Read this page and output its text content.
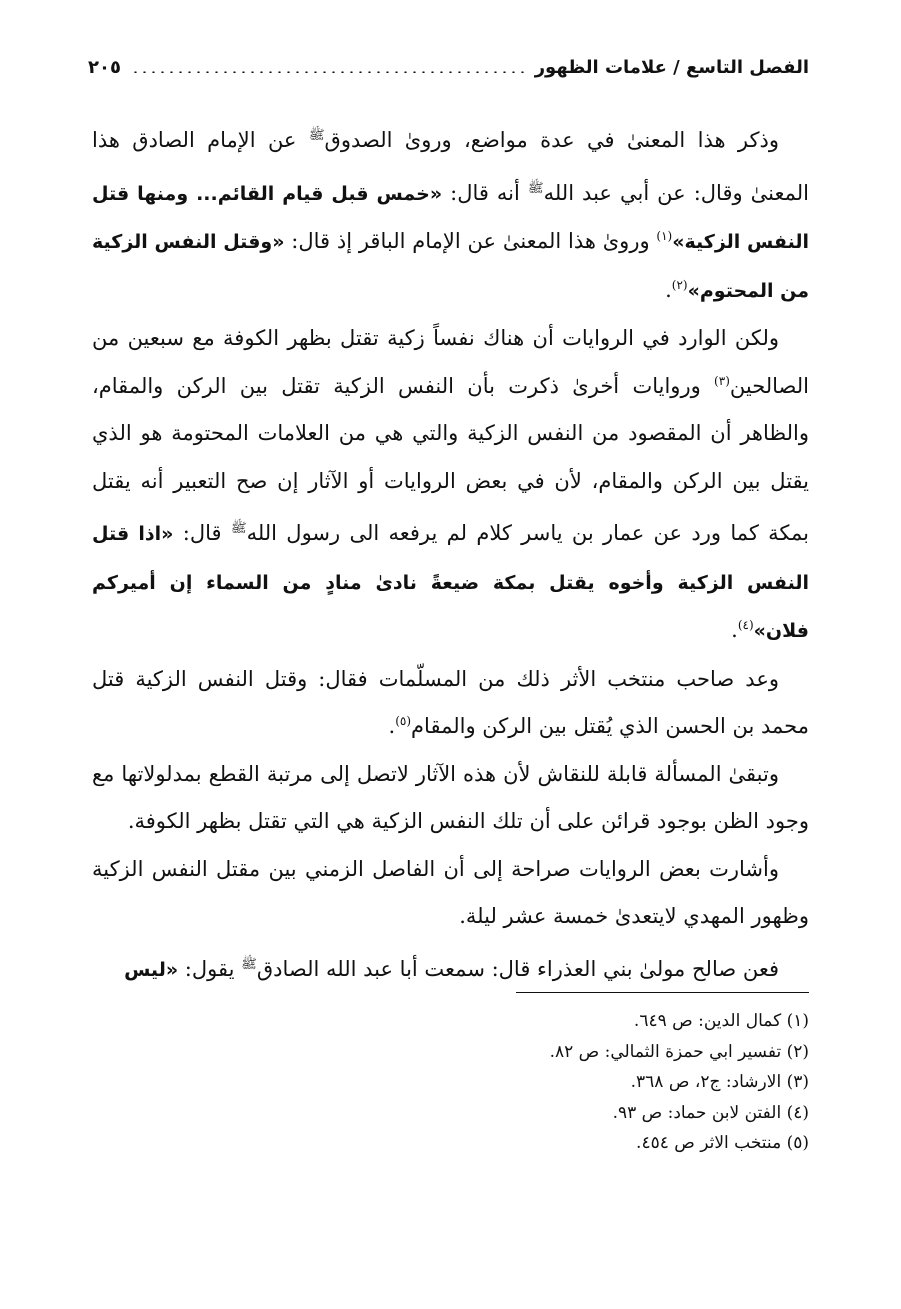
الفصل التاسع / علامات الظهور
٢٠٥

وذكر هذا المعنىٰ في عدة مواضع، وروىٰ الصدوق$^ﷺ$ عن الإمام الصادق هذا المعنىٰ وقال: عن أبي عبد الله$^ﷺ$ أنه قال: «خمس قبل قيام القائم... ومنها قتل النفس الزكية»$^{(١)}$ وروىٰ هذا المعنىٰ عن الإمام الباقر إذ قال: «وقتل النفس الزكية من المحتوم»$^{(٢)}$.

ولكن الوارد في الروايات أن هناك نفساً زكية تقتل بظهر الكوفة مع سبعين من الصالحين$^{(٣)}$ وروايات أخرىٰ ذكرت بأن النفس الزكية تقتل بين الركن والمقام، والظاهر أن المقصود من النفس الزكية والتي هي من العلامات المحتومة هو الذي يقتل بين الركن والمقام، لأن في بعض الروايات أو الآثار إن صح التعبير أنه يقتل بمكة كما ورد عن عمار بن ياسر كلام لم يرفعه الى رسول الله$^ﷺ$ قال: «اذا قتل النفس الزكية وأخوه يقتل بمكة ضيعةً نادىٰ منادٍ من السماء إن أميركم فلان»$^{(٤)}$.

وعد صاحب منتخب الأثر ذلك من المسلّمات فقال: وقتل النفس الزكية قتل محمد بن الحسن الذي يُقتل بين الركن والمقام$^{(٥)}$.

وتبقىٰ المسألة قابلة للنقاش لأن هذه الآثار لاتصل إلى مرتبة القطع بمدلولاتها مع وجود الظن بوجود قرائن على أن تلك النفس الزكية هي التي تقتل بظهر الكوفة.

وأشارت بعض الروايات صراحة إلى أن الفاصل الزمني بين مقتل النفس الزكية وظهور المهدي لايتعدىٰ خمسة عشر ليلة.

فعن صالح مولىٰ بني العذراء قال: سمعت أبا عبد الله الصادق$^ﷺ$ يقول: «ليس

(١) كمال الدين: ص ٦٤٩.
(٢) تفسير ابي حمزة الثمالي: ص ٨٢.
(٣) الارشاد: ج٢، ص ٣٦٨.
(٤) الفتن لابن حماد: ص ٩٣.
(٥) منتخب الاثر ص ٤٥٤.
